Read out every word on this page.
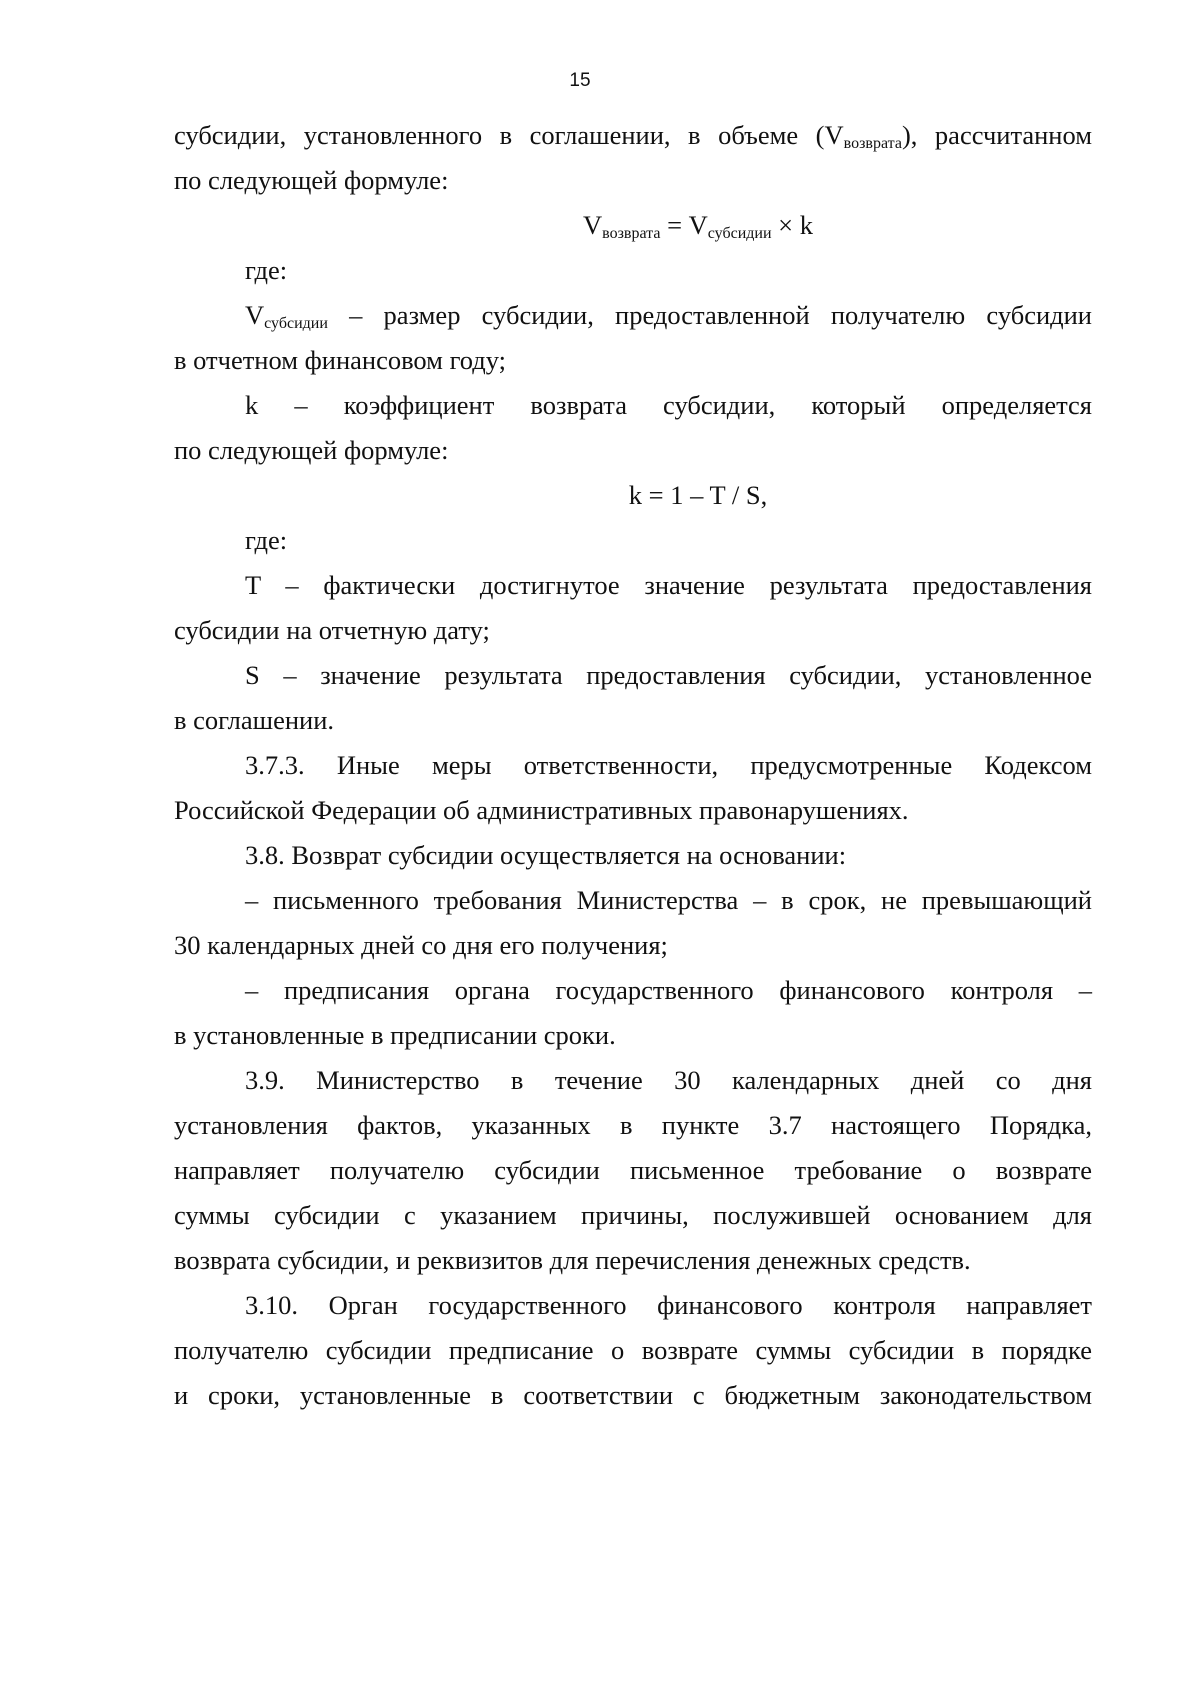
15
субсидии, установленного в соглашении, в объеме $(V_{возврата})$, рассчитанном
по следующей формуле:
$V_{возврата} = V_{субсидии} \times k$
где:
$V_{субсидии}$ – размер субсидии, предоставленной получателю субсидии
в отчетном финансовом году;
k – коэффициент возврата субсидии, который определяется
по следующей формуле:
k = 1 – T / S,
где:
T – фактически достигнутое значение результата предоставления
субсидии на отчетную дату;
S – значение результата предоставления субсидии, установленное
в соглашении.
3.7.3. Иные меры ответственности, предусмотренные Кодексом
Российской Федерации об административных правонарушениях.
3.8. Возврат субсидии осуществляется на основании:
– письменного требования Министерства – в срок, не превышающий
30 календарных дней со дня его получения;
– предписания органа государственного финансового контроля –
в установленные в предписании сроки.
3.9. Министерство в течение 30 календарных дней со дня
установления фактов, указанных в пункте 3.7 настоящего Порядка,
направляет получателю субсидии письменное требование о возврате
суммы субсидии с указанием причины, послужившей основанием для
возврата субсидии, и реквизитов для перечисления денежных средств.
3.10. Орган государственного финансового контроля направляет
получателю субсидии предписание о возврате суммы субсидии в порядке
и сроки, установленные в соответствии с бюджетным законодательством
